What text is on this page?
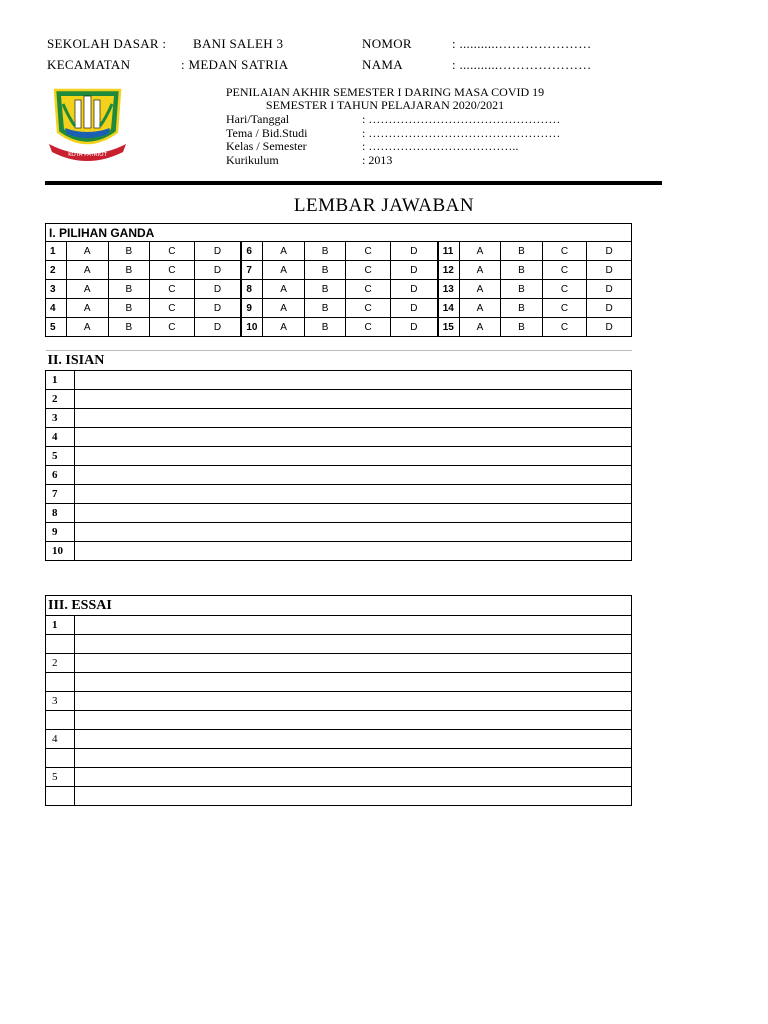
SEKOLAH DASAR : BANI SALEH 3	NOMOR	: ...........…………………
KECAMATAN	: MEDAN SATRIA	NAMA	: ...........…………………
KOTA PATRIOT
PENILAIAN AKHIR SEMESTER I DARING MASA COVID 19
SEMESTER I TAHUN PELAJARAN 2020/2021
Hari/Tanggal	: …………………………………………
Tema / Bid.Studi	: …………………………………………
Kelas / Semester	: ………………………………..
Kurikulum	: 2013
LEMBAR JAWABAN
I. PILIHAN GANDA														
1	A	B	C	D	6	A	B	C	D	11	A	B	C	D
2	A	B	C	D	7	A	B	C	D	12	A	B	C	D
3	A	B	C	D	8	A	B	C	D	13	A	B	C	D
4	A	B	C	D	9	A	B	C	D	14	A	B	C	D
5	A	B	C	D	10	A	B	C	D	15	A	B	C	D
II. ISIAN	
1	
2	
3	
4	
5	
6	
7	
8	
9	
10	
III. ESSAI	
1	

2	

3	

4	

5	
